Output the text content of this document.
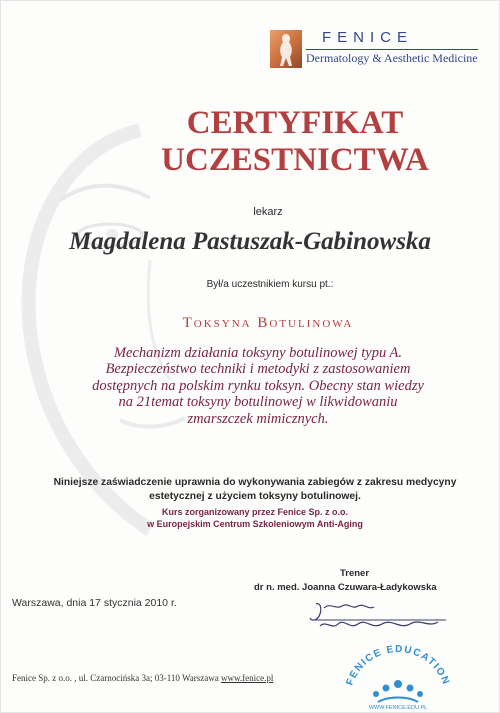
FENICE
Dermatology & Aesthetic Medicine
CERTYFIKAT
UCZESTNICTWA
lekarz
Magdalena Pastuszak-Gabinowska
Był/a uczestnikiem kursu pt.:
Toksyna Botulinowa
Mechanizm działania toksyny botulinowej typu A.
Bezpieczeństwo techniki i metodyki z zastosowaniem
dostępnych na polskim rynku toksyn. Obecny stan wiedzy
na 21temat toksyny botulinowej w likwidowaniu
zmarszczek mimicznych.
Niniejsze zaświadczenie uprawnia do wykonywania zabiegów z zakresu medycyny
estetycznej z użyciem toksyny botulinowej.
Kurs zorganizowany przez Fenice Sp. z o.o.
w Europejskim Centrum Szkoleniowym Anti-Aging
Trener
dr n. med. Joanna Czuwara-Ładykowska
Warszawa, dnia 17 stycznia 2010 r.
Fenice Sp. z o.o. , ul. Czarnocińska 3a; 03-110 Warszawa www.fenice.pl	FENICE EDUCATION
WWW.FENICE.EDU.PL
